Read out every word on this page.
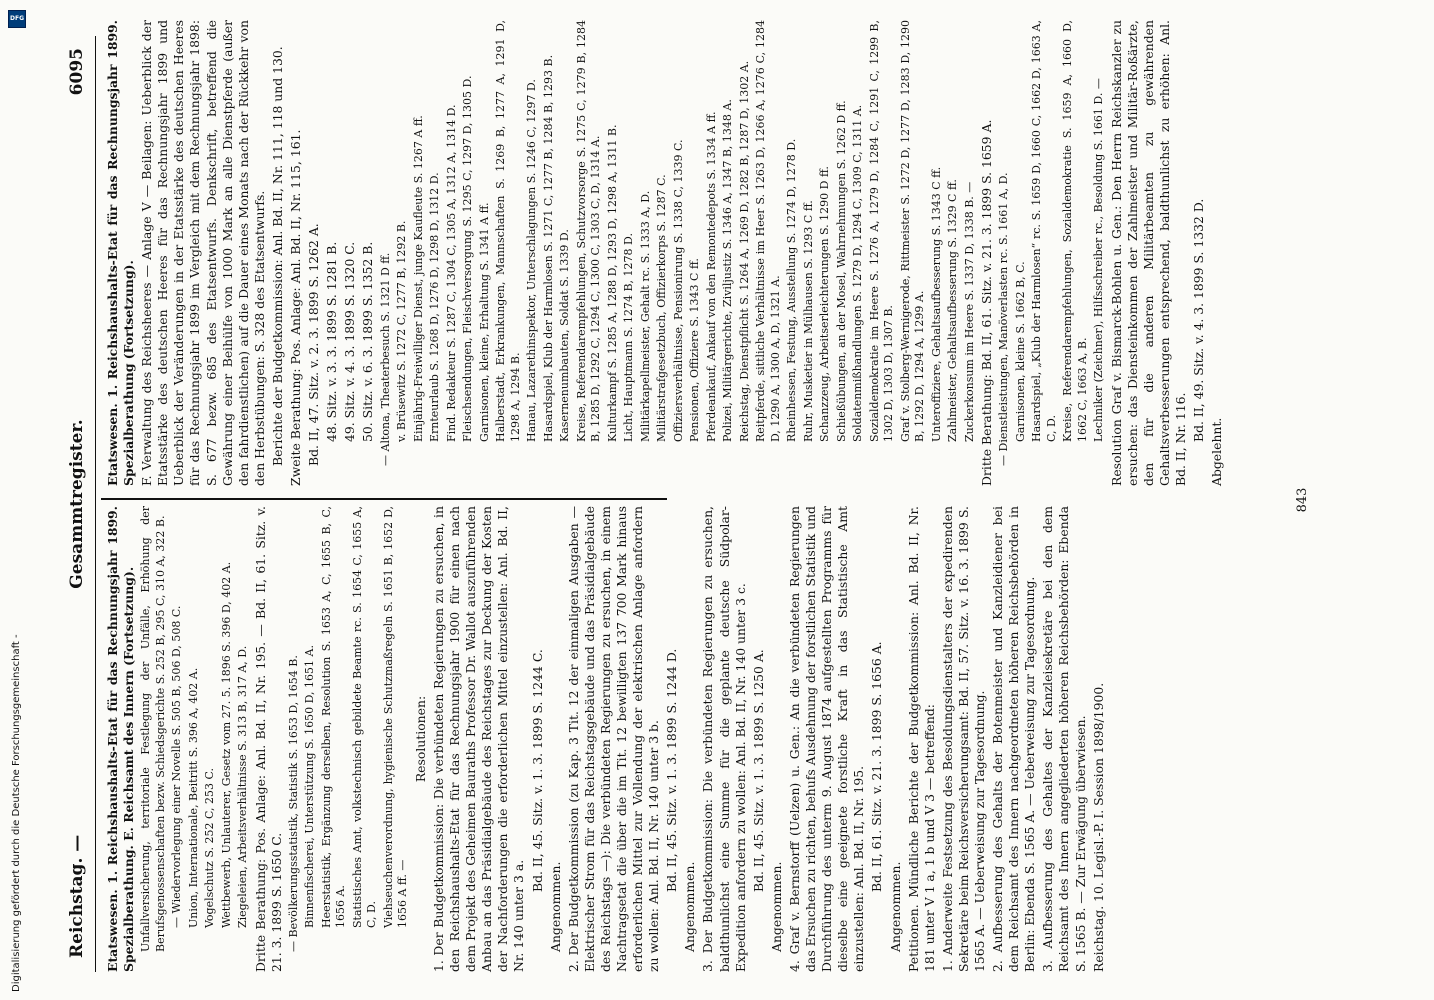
Reichstag. —
Gesammtregister.
6095

Etatswesen. 1. Reichshaushalts-Etat für das Rechnungsjahr 1899. Spezialberathung. E. Reichsamt des Innern (Fortsetzung). Unfallversicherung, territoriale Festlegung der Unfälle, Erhöhung der Berufsgenossenschaften bezw. Schiedsgerichte S. 252 B, 295 C, 310 A, 322 B. — Wiedervorlegung einer Novelle S. 505 B, 506 D, 508 C. Union, Internationale, Beitritt S. 396 A, 402 A. Vogelschutz S. 252 C, 253 C. Wettbewerb, Unlauterer, Gesetz vom 27. 5. 1896 S. 396 D, 402 A. Ziegeleien, Arbeitsverhältnisse S. 313 B, 317 A, D. Dritte Berathung: Pos. Anlage: Anl. Bd. II, Nr. 195. — Bd. II, 61. Sitz. v. 21. 3. 1899 S. 1650 C. — Bevölkerungsstatistik, Statistik S. 1653 D, 1654 B. Binnenfischerei, Unterstützung S. 1650 D, 1651 A. Heerstatistik, Ergänzung derselben, Resolution S. 1653 A, C, 1655 B, C, 1656 A. Statistisches Amt, volkstechnisch gebildete Beamte rc. S. 1654 C, 1655 A, C, D. Viehseuchenverordnung, hygienische Schutzmaßregeln S. 1651 B, 1652 D, 1656 A ff. —

Resolutionen: 1. Der Budgetkommission: Die verbündeten Regierungen zu ersuchen, in den Reichshaushalts-Etat für das Rechnungsjahr 1900 für einen nach dem Projekt des Geheimen Bauraths Professor Dr. Wallot auszuführenden Anbau an das Präsidialgebäude des Reichstages zur Deckung der Kosten der Nachforderungen die erforderlichen Mittel einzustellen: Anl. Bd. II, Nr. 140 unter 3 a.

Bd. II, 45. Sitz. v. 1. 3. 1899 S. 1244 C.

Angenommen. 2. Der Budgetkommission (zu Kap. 3 Tit. 12 der einmaligen Ausgaben — Elektrischer Strom für das Reichstagsgebäude und das Präsidialgebäude des Reichstags —): Die verbündeten Regierungen zu ersuchen, in einem Nachtragsetat die über die im Tit. 12 bewilligten 137 700 Mark hinaus erforderlichen Mittel zur Vollendung der elektrischen Anlage anfordern zu wollen: Anl. Bd. II, Nr. 140 unter 3 b. Bd. II, 45. Sitz. v. 1. 3. 1899 S. 1244 D.

Angenommen. 3. Der Budgetkommission: Die verbündeten Regierungen zu ersuchen, baldthunlichst eine Summe für die geplante deutsche Südpolar-Expedition anfordern zu wollen: Anl. Bd. II, Nr. 140 unter 3 c. Bd. II, 45. Sitz. v. 1. 3. 1899 S. 1250 A.

Angenommen. 4. Graf v. Bernstorff (Uelzen) u. Gen.: An die verbündeten Regierungen das Ersuchen zu richten, behufs Ausdehnung der forstlichen Statistik und Durchführung des unterm 9. August 1874 aufgestellten Programms für dieselbe eine geeignete forstliche Kraft in das Statistische Amt einzustellen: Anl. Bd. II, Nr. 195. Bd. II, 61. Sitz. v. 21. 3. 1899 S. 1656 A.

Angenommen. Petitionen. Mündliche Berichte der Budgetkommission: Anl. Bd. II, Nr. 181 unter V 1 a, 1 b und V 3 — betreffend: 1. Anderweite Festsetzung des Besoldungsdienstalters der expedirenden Sekretäre beim Reichsversicherungsamt: Bd. II, 57. Sitz. v. 16. 3. 1899 S. 1565 A. — Ueberweisung zur Tagesordnung. 2. Aufbesserung des Gehalts der Botenmeister und Kanzleidiener bei dem Reichsamt des Innern nachgeordneten höheren Reichsbehörden in Berlin: Ebenda S. 1565 A. — Ueberweisung zur Tagesordnung. 3. Aufbesserung des Gehaltes der Kanzleisekretäre bei den dem Reichsamt des Innern angegliederten höheren Reichsbehörden: Ebenda S. 1565 B. — Zur Erwägung überwiesen. Reichstag. 10. Legisl.-P. I. Session 1898/1900.

Etatswesen. 1. Reichshaushalts-Etat für das Rechnungsjahr 1899. Spezialberathung (Fortsetzung). F. Verwaltung des Reichsheeres — Anlage V — Beilagen: Ueberblick der Etatsstärke des deutschen Heeres für das Rechnungsjahr 1899 und Ueberblick der Veränderungen in der Etatsstärke des deutschen Heeres für das Rechnungsjahr 1899 im Vergleich mit dem Rechnungsjahr 1898: S. 677 bezw. 685 des Etatsentwurfs. Denkschrift, betreffend die Gewährung einer Beihülfe von 1000 Mark an alle Dienstpferde (außer den fahrdienstlichen) auf die Dauer eines Monats nach der Rückkehr von den Herbstübungen: S. 328 des Etatsentwurfs. Berichte der Budgetkommission: Anl. Bd. II, Nr. 111, 118 und 130. Zweite Berathung: Pos. Anlage: Anl. Bd. II, Nr. 115, 161. Bd. II, 47. Sitz. v. 2. 3. 1899 S. 1262 A. 48. Sitz. v. 3. 3. 1899 S. 1281 B. 49. Sitz. v. 4. 3. 1899 S. 1320 C. 50. Sitz. v. 6. 3. 1899 S. 1352 B. — Altona, Theaterbesuch S. 1321 D ff. v. Brüsewitz S. 1272 C, 1277 B, 1292 B. Einjährig-Freiwilliger Dienst, junge Kaufleute S. 1267 A ff. Ernteurlaub S. 1268 D, 1276 D, 1298 D, 1312 D. Find. Redakteur S. 1287 C, 1304 C, 1305 A, 1312 A, 1314 D. Fleischsendungen, Fleischversorgung S. 1295 C, 1297 D, 1305 D. Garnisonen, kleine, Erhaltung S. 1341 A ff. Halberstadt, Erkrankungen, Mannschaften S. 1269 B, 1277 A, 1291 D, 1298 A, 1294 B. Hanau, Lazarethinspektor, Unterschlagungen S. 1246 C, 1297 D. Hasardspiel, Klub der Harmlosen S. 1271 C, 1277 B, 1284 B, 1293 B. Kasernenumbauten, Soldat S. 1339 D. Kreise, Referendarempfehlungen, Schutzvorsorge S. 1275 C, 1279 B, 1284 B, 1285 D, 1292 C, 1294 C, 1300 C, 1303 C, D, 1314 A. Kulturkampf S. 1285 A, 1288 D, 1293 D, 1298 A, 1311 B. Licht, Hauptmann S. 1274 B, 1278 D. Militärkapellmeister, Gehalt rc. S. 1333 A, D. Militärstrafgesetzbuch, Offizierkorps S. 1287 C. Offiziersverhältnisse, Pensionirung S. 1338 C, 1339 C. Pensionen, Offiziere S. 1343 C ff. Pferdeankauf, Ankauf von den Remontedepots S. 1334 A ff. Polizei, Militärgerichte, Ziviljustiz S. 1346 A, 1347 B, 1348 A. Reichstag, Dienstpflicht S. 1264 A, 1269 D, 1282 B, 1287 D, 1302 A. Reitpferde, sittliche Verhältnisse im Heer S. 1263 D, 1266 A, 1276 C, 1284 D, 1290 A, 1300 A, D, 1321 A. Rheinhessen, Festung, Ausstellung S. 1274 D, 1278 D. Ruhr, Musketier in Mülhausen S. 1293 C ff. Schanzzeug, Arbeitserleichterungen S. 1290 D ff. Schießübungen, an der Mosel, Wahrnehmungen S. 1262 D ff. Soldatenmißhandlungen S. 1279 D, 1294 C, 1309 C, 1311 A. Sozialdemokratie im Heere S. 1276 A, 1279 D, 1284 C, 1291 C, 1299 B, 1302 D, 1303 D, 1307 B. Graf v. Stolberg-Wernigerode, Rittmeister S. 1272 D, 1277 D, 1283 D, 1290 B, 1292 D, 1294 A, 1299 A. Unteroffiziere, Gehaltsaufbesserung S. 1343 C ff. Zahlmeister, Gehaltsaufbesserung S. 1329 C ff. Zuckerkonsum im Heere S. 1337 D, 1338 B. — Dritte Berathung: Bd. II, 61. Sitz. v. 21. 3. 1899 S. 1659 A. — Dienstleistungen, Manöverlasten rc. S. 1661 A, D. Garnisonen, kleine S. 1662 B, C. Hasardspiel, „Klub der Harmlosen“ rc. S. 1659 D, 1660 C, 1662 D, 1663 A, C, D. Kreise, Referendarempfehlungen, Sozialdemokratie S. 1659 A, 1660 D, 1662 C, 1663 A, B. Lechniker (Zeichner), Hilfsschreiber rc., Besoldung S. 1661 D. — Resolution Graf v. Bismarck-Bohlen u. Gen.: Den Herrn Reichskanzler zu ersuchen: das Diensteinkommen der Zahlmeister und Militär-Roßärzte, den für die anderen Militärbeamten zu gewährenden Gehaltsverbesserungen entsprechend, baldthunlichst zu erhöhen: Anl. Bd. II, Nr. 116. Bd. II, 49. Sitz. v. 4. 3. 1899 S. 1332 D.

Abgelehnt.

843
DFG
Digitalisierung gefördert durch die Deutsche Forschungsgemeinschaft -
